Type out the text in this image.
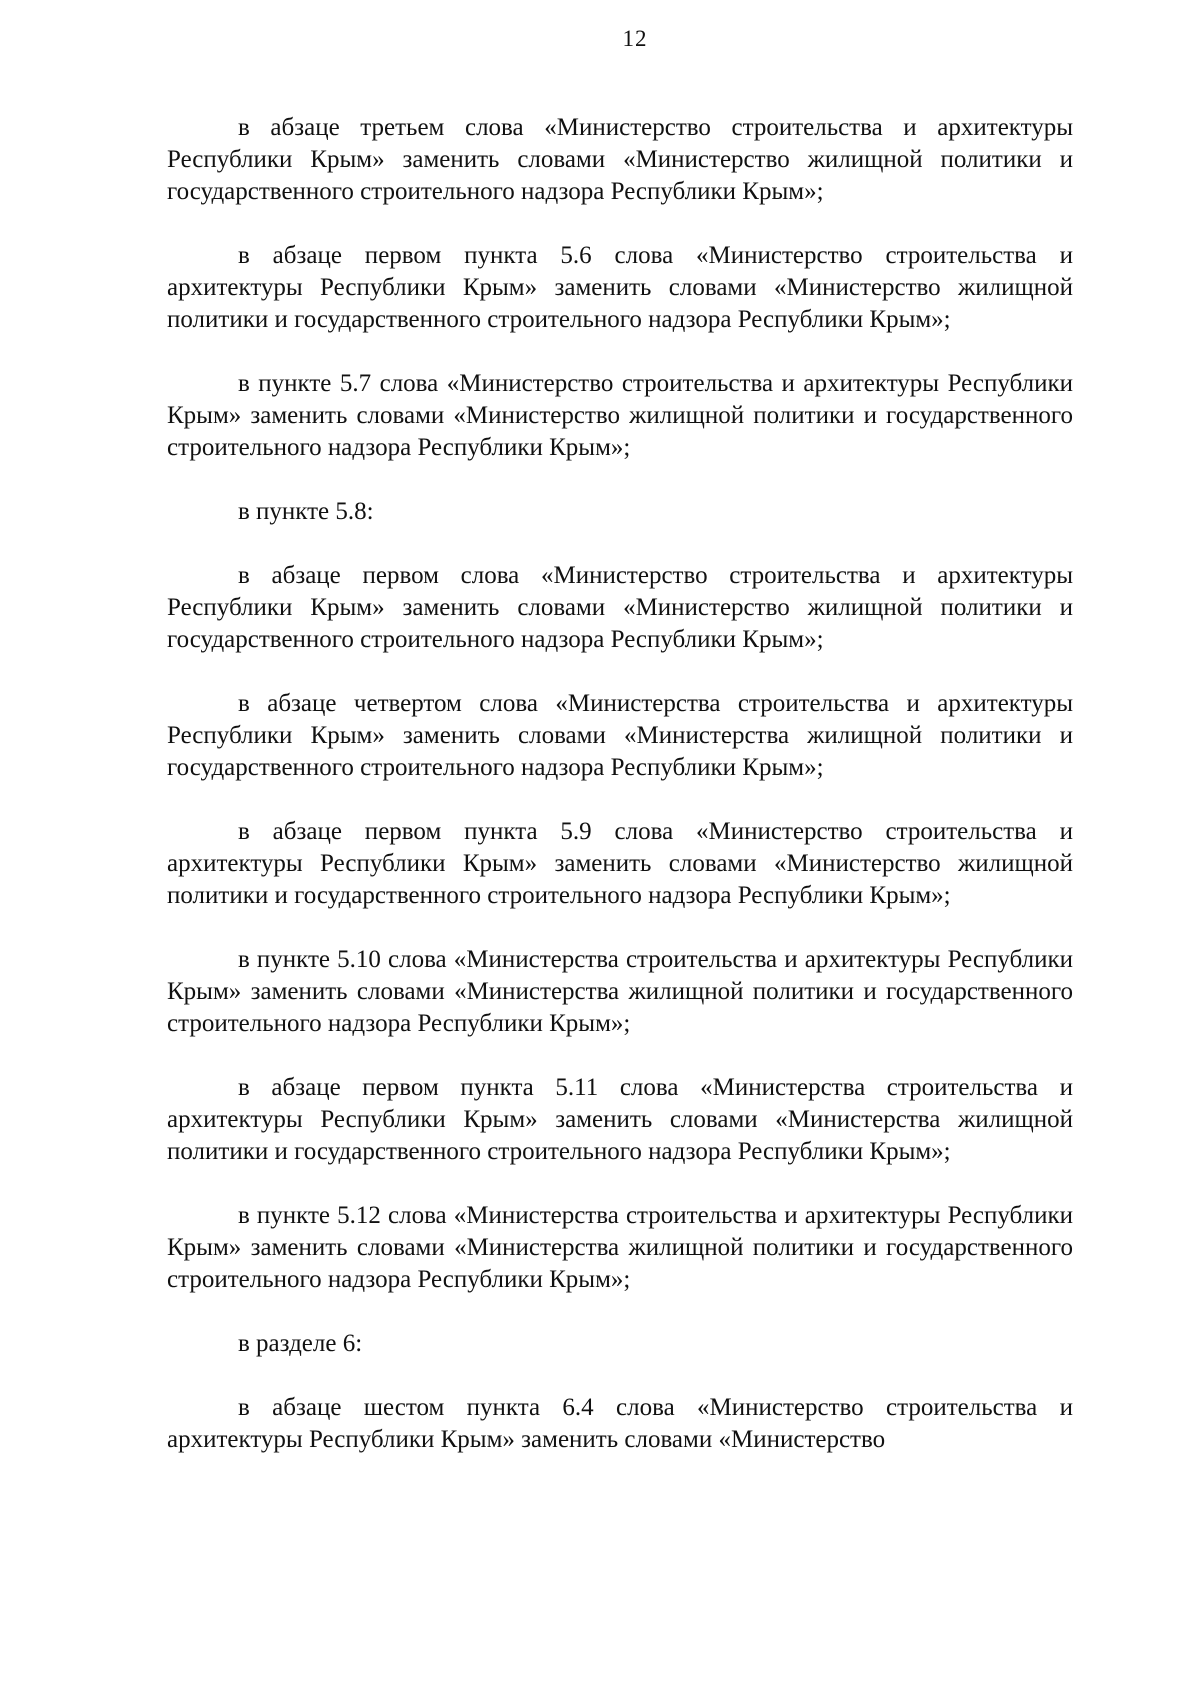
12

в абзаце третьем слова «Министерство строительства и архитектуры Республики Крым» заменить словами «Министерство жилищной политики и государственного строительного надзора Республики Крым»;

в абзаце первом пункта 5.6 слова «Министерство строительства и архитектуры Республики Крым» заменить словами «Министерство жилищной политики и государственного строительного надзора Республики Крым»;

в пункте 5.7 слова «Министерство строительства и архитектуры Республики Крым» заменить словами «Министерство жилищной политики и государственного строительного надзора Республики Крым»;

в пункте 5.8:

в абзаце первом слова «Министерство строительства и архитектуры Республики Крым» заменить словами «Министерство жилищной политики и государственного строительного надзора Республики Крым»;

в абзаце четвертом слова «Министерства строительства и архитектуры Республики Крым» заменить словами «Министерства жилищной политики и государственного строительного надзора Республики Крым»;

в абзаце первом пункта 5.9 слова «Министерство строительства и архитектуры Республики Крым» заменить словами «Министерство жилищной политики и государственного строительного надзора Республики Крым»;

в пункте 5.10 слова «Министерства строительства и архитектуры Республики Крым» заменить словами «Министерства жилищной политики и государственного строительного надзора Республики Крым»;

в абзаце первом пункта 5.11 слова «Министерства строительства и архитектуры Республики Крым» заменить словами «Министерства жилищной политики и государственного строительного надзора Республики Крым»;

в пункте 5.12 слова «Министерства строительства и архитектуры Республики Крым» заменить словами «Министерства жилищной политики и государственного строительного надзора Республики Крым»;

в разделе 6:

в абзаце шестом пункта 6.4 слова «Министерство строительства и архитектуры Республики Крым» заменить словами «Министерство
